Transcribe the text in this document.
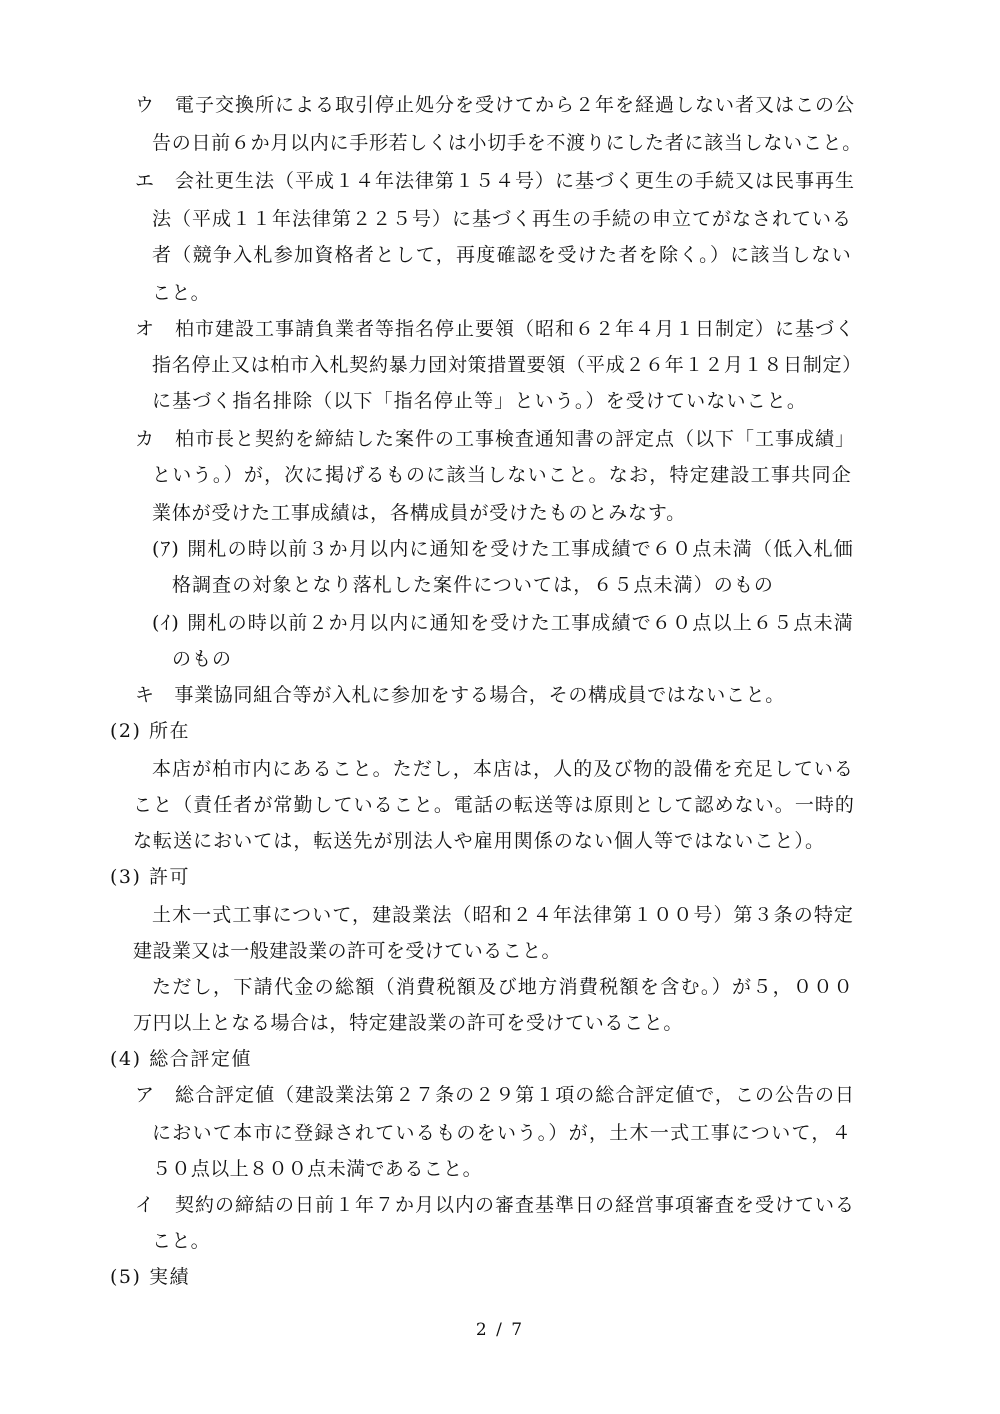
ウ　電子交換所による取引停止処分を受けてから２年を経過しない者又はこの公

告の日前６か月以内に手形若しくは小切手を不渡りにした者に該当しないこと。

エ　会社更生法（平成１４年法律第１５４号）に基づく更生の手続又は民事再生

法（平成１１年法律第２２５号）に基づく再生の手続の申立てがなされている

者（競争入札参加資格者として，再度確認を受けた者を除く。）に該当しない

こと。

オ　柏市建設工事請負業者等指名停止要領（昭和６２年４月１日制定）に基づく

指名停止又は柏市入札契約暴力団対策措置要領（平成２６年１２月１８日制定）

に基づく指名排除（以下「指名停止等」という。）を受けていないこと。

カ　柏市長と契約を締結した案件の工事検査通知書の評定点（以下「工事成績」

という。）が，次に掲げるものに該当しないこと。なお，特定建設工事共同企

業体が受けた工事成績は，各構成員が受けたものとみなす。

(ｱ) 開札の時以前３か月以内に通知を受けた工事成績で６０点未満（低入札価

格調査の対象となり落札した案件については，６５点未満）のもの

(ｲ) 開札の時以前２か月以内に通知を受けた工事成績で６０点以上６５点未満

のもの

キ　事業協同組合等が入札に参加をする場合，その構成員ではないこと。

(2) 所在

本店が柏市内にあること。ただし，本店は，人的及び物的設備を充足している

こと（責任者が常勤していること。電話の転送等は原則として認めない。一時的

な転送においては，転送先が別法人や雇用関係のない個人等ではないこと）。

(3) 許可

土木一式工事について，建設業法（昭和２４年法律第１００号）第３条の特定

建設業又は一般建設業の許可を受けていること。

ただし，下請代金の総額（消費税額及び地方消費税額を含む。）が５，０００

万円以上となる場合は，特定建設業の許可を受けていること。

(4) 総合評定値

ア　総合評定値（建設業法第２７条の２９第１項の総合評定値で，この公告の日

において本市に登録されているものをいう。）が，土木一式工事について，４

５０点以上８００点未満であること。

イ　契約の締結の日前１年７か月以内の審査基準日の経営事項審査を受けている

こと。

(5) 実績

2 / 7
